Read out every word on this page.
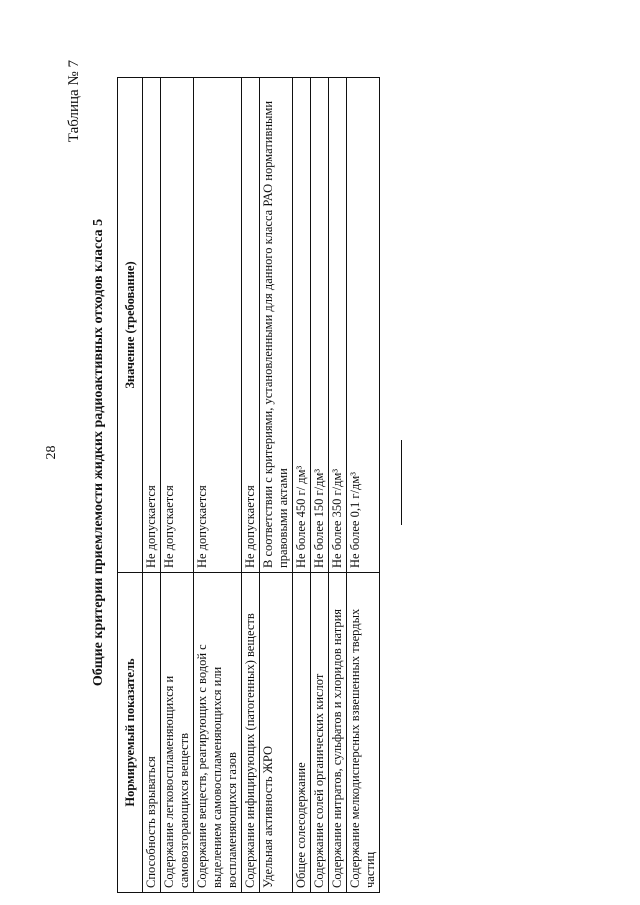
28
Таблица № 7
Общие критерии приемлемости жидких радиоактивных отходов класса 5
Нормируемый показатель	Значение (требование)
Способность взрываться	Не допускается
Содержание легковоспламеняющихся и самовозгорающихся веществ	Не допускается
Содержание веществ, реагирующих с водой с выделением самовоспламеняющихся или воспламеняющихся газов	Не допускается
Содержание инфицирующих (патогенных) веществ	Не допускается
Удельная активность ЖРО	В соответствии с критериями, установленными для данного класса РАО нормативными правовыми актами
Общее солесодержание	Не более 450 г/ дм³
Содержание солей органических кислот	Не более 150 г/дм³
Содержание нитратов, сульфатов и хлоридов натрия	Не более 350 г/дм³
Содержание мелкодисперсных взвешенных твердых частиц	Не более 0,1 г/дм³
